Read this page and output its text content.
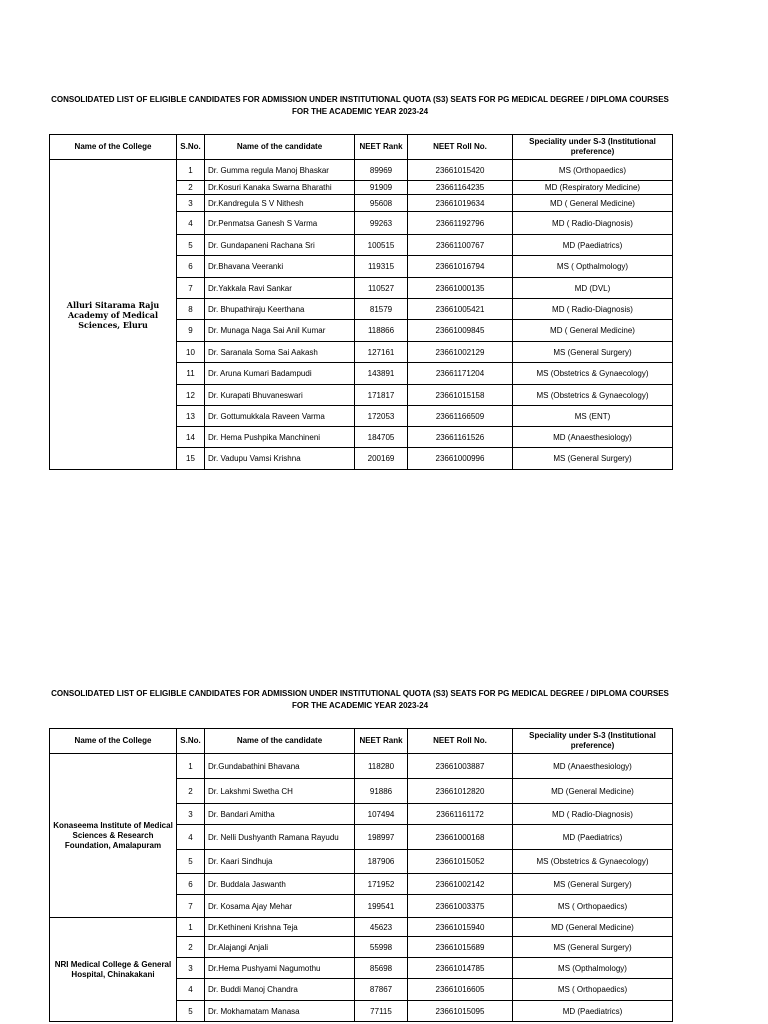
CONSOLIDATED LIST OF ELIGIBLE CANDIDATES FOR ADMISSION UNDER INSTITUTIONAL QUOTA (S3) SEATS FOR PG MEDICAL DEGREE / DIPLOMA COURSES
FOR THE ACADEMIC YEAR 2023-24
Name of the College	S.No.	Name of the candidate	NEET Rank	NEET Roll No.	Speciality under S-3 (Institutional preference)
Alluri Sitarama Raju Academy of Medical Sciences, Eluru	1	Dr. Gumma regula Manoj Bhaskar	89969	23661015420	MS (Orthopaedics)
	2	Dr.Kosuri Kanaka Swarna Bharathi	91909	23661164235	MD (Respiratory Medicine)
	3	Dr.Kandregula S V Nithesh	95608	23661019634	MD ( General Medicine)
	4	Dr.Penmatsa Ganesh S Varma	99263	23661192796	MD ( Radio-Diagnosis)
	5	Dr. Gundapaneni Rachana Sri	100515	23661100767	MD (Paediatrics)
	6	Dr.Bhavana Veeranki	119315	23661016794	MS ( Opthalmology)
	7	Dr.Yakkala Ravi Sankar	110527	23661000135	MD (DVL)
	8	Dr. Bhupathiraju Keerthana	81579	23661005421	MD ( Radio-Diagnosis)
	9	Dr. Munaga Naga Sai Anil Kumar	118866	23661009845	MD ( General Medicine)
	10	Dr. Saranala Soma Sai Aakash	127161	23661002129	MS (General Surgery)
	11	Dr. Aruna Kumari Badampudi	143891	23661171204	MS (Obstetrics & Gynaecology)
	12	Dr. Kurapati Bhuvaneswari	171817	23661015158	MS (Obstetrics & Gynaecology)
	13	Dr. Gottumukkala Raveen Varma	172053	23661166509	MS (ENT)
	14	Dr. Hema Pushpika Manchineni	184705	23661161526	MD (Anaesthesiology)
	15	Dr. Vadupu Vamsi Krishna	200169	23661000996	MS (General Surgery)
CONSOLIDATED LIST OF ELIGIBLE CANDIDATES FOR ADMISSION UNDER INSTITUTIONAL QUOTA (S3) SEATS FOR PG MEDICAL DEGREE / DIPLOMA COURSES
FOR THE ACADEMIC YEAR 2023-24
Name of the College	S.No.	Name of the candidate	NEET Rank	NEET Roll No.	Speciality under S-3 (Institutional preference)
Konaseema Institute of Medical Sciences & Research Foundation, Amalapuram	1	Dr.Gundabathini Bhavana	118280	23661003887	MD (Anaesthesiology)
	2	Dr. Lakshmi Swetha CH	91886	23661012820	MD (General Medicine)
	3	Dr. Bandari Amitha	107494	23661161172	MD ( Radio-Diagnosis)
	4	Dr. Nelli Dushyanth Ramana Rayudu	198997	23661000168	MD (Paediatrics)
	5	Dr. Kaari Sindhuja	187906	23661015052	MS (Obstetrics & Gynaecology)
	6	Dr. Buddala Jaswanth	171952	23661002142	MS (General Surgery)
	7	Dr. Kosama Ajay Mehar	199541	23661003375	MS ( Orthopaedics)
NRI Medical College & General Hospital, Chinakakani	1	Dr.Kethineni Krishna Teja	45623	23661015940	MD (General Medicine)
	2	Dr.Alajangi Anjali	55998	23661015689	MS (General Surgery)
	3	Dr.Hema Pushyami Nagumothu	85698	23661014785	MS (Opthalmology)
	4	Dr. Buddi Manoj Chandra	87867	23661016605	MS ( Orthopaedics)
	5	Dr. Mokhamatam Manasa	77115	23661015095	MD (Paediatrics)
